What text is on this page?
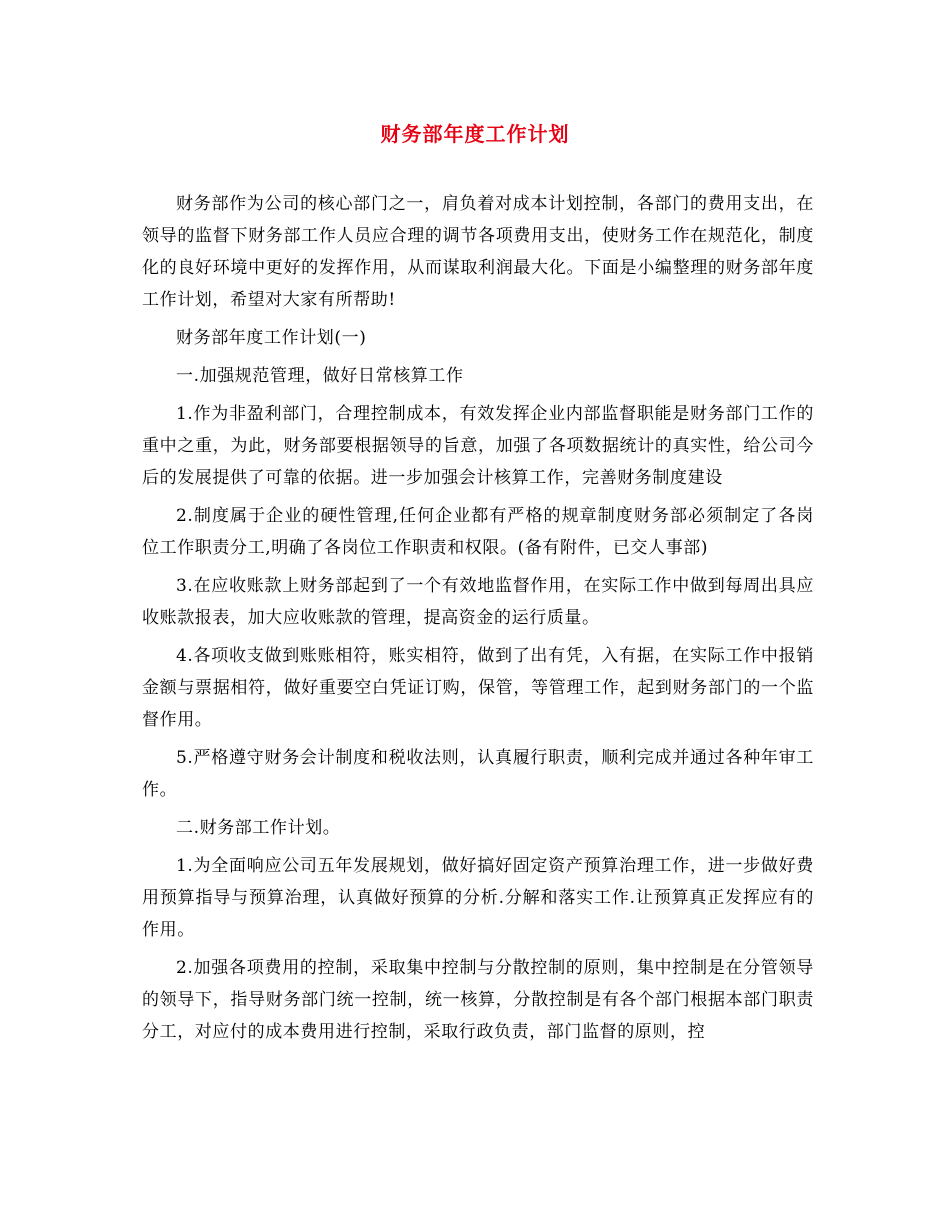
财务部年度工作计划

财务部作为公司的核心部门之一，肩负着对成本计划控制，各部门的费用支出，在领导的监督下财务部工作人员应合理的调节各项费用支出，使财务工作在规范化，制度化的良好环境中更好的发挥作用，从而谋取利润最大化。下面是小编整理的财务部年度工作计划，希望对大家有所帮助!

财务部年度工作计划(一)

一.加强规范管理，做好日常核算工作

1.作为非盈利部门，合理控制成本，有效发挥企业内部监督职能是财务部门工作的重中之重，为此，财务部要根据领导的旨意，加强了各项数据统计的真实性，给公司今后的发展提供了可靠的依据。进一步加强会计核算工作，完善财务制度建设

2.制度属于企业的硬性管理,任何企业都有严格的规章制度财务部必须制定了各岗位工作职责分工,明确了各岗位工作职责和权限。(备有附件，已交人事部)

3.在应收账款上财务部起到了一个有效地监督作用，在实际工作中做到每周出具应收账款报表，加大应收账款的管理，提高资金的运行质量。

4.各项收支做到账账相符，账实相符，做到了出有凭，入有据，在实际工作中报销金额与票据相符，做好重要空白凭证订购，保管，等管理工作，起到财务部门的一个监督作用。

5.严格遵守财务会计制度和税收法则，认真履行职责，顺利完成并通过各种年审工作。

二.财务部工作计划。

1.为全面响应公司五年发展规划，做好搞好固定资产预算治理工作，进一步做好费用预算指导与预算治理，认真做好预算的分析.分解和落实工作.让预算真正发挥应有的作用。

2.加强各项费用的控制，采取集中控制与分散控制的原则，集中控制是在分管领导的领导下，指导财务部门统一控制，统一核算，分散控制是有各个部门根据本部门职责分工，对应付的成本费用进行控制，采取行政负责，部门监督的原则，控
